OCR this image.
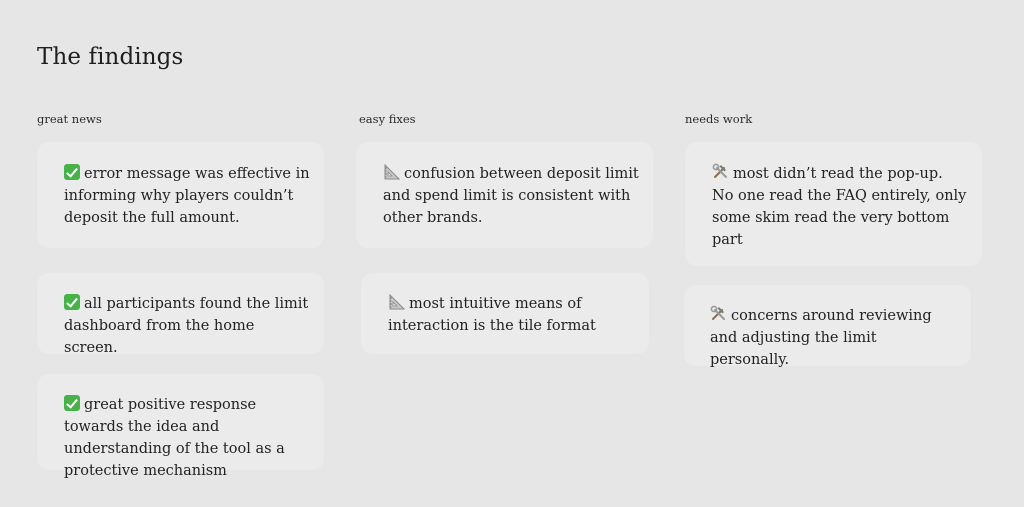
The findings
great news	easy fixes	needs work
error message was effective in informing why players couldn’t deposit the full amount.
all participants found the limit dashboard from the home screen.
great positive response towards the idea and understanding of the tool as a protective mechanism
confusion between deposit limit and spend limit is consistent with other brands.
most intuitive means of interaction is the tile format
most didn’t read the pop-up. No one read the FAQ entirely, only some skim read the very bottom part
concerns around reviewing and adjusting the limit personally.
